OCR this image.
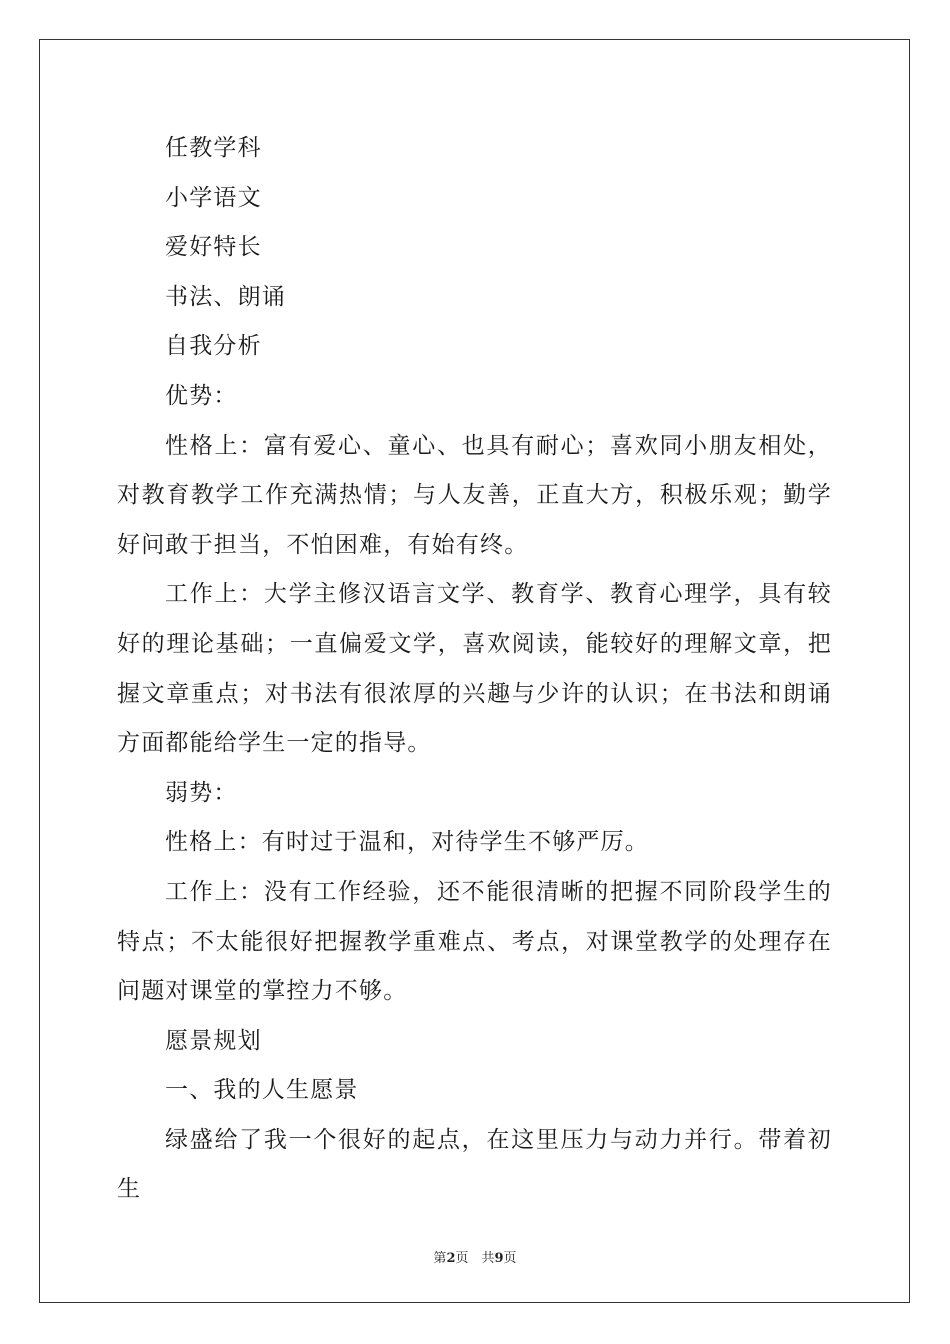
任教学科

小学语文

爱好特长

书法、朗诵

自我分析

优势：

性格上：富有爱心、童心、也具有耐心；喜欢同小朋友相处，对教育教学工作充满热情；与人友善，正直大方，积极乐观；勤学好问敢于担当，不怕困难，有始有终。

工作上：大学主修汉语言文学、教育学、教育心理学，具有较好的理论基础；一直偏爱文学，喜欢阅读，能较好的理解文章，把握文章重点；对书法有很浓厚的兴趣与少许的认识；在书法和朗诵方面都能给学生一定的指导。

弱势：

性格上：有时过于温和，对待学生不够严厉。

工作上：没有工作经验，还不能很清晰的把握不同阶段学生的特点；不太能很好把握教学重难点、考点，对课堂教学的处理存在问题对课堂的掌控力不够。

愿景规划

一、我的人生愿景

绿盛给了我一个很好的起点，在这里压力与动力并行。带着初生

第2页　共9页
